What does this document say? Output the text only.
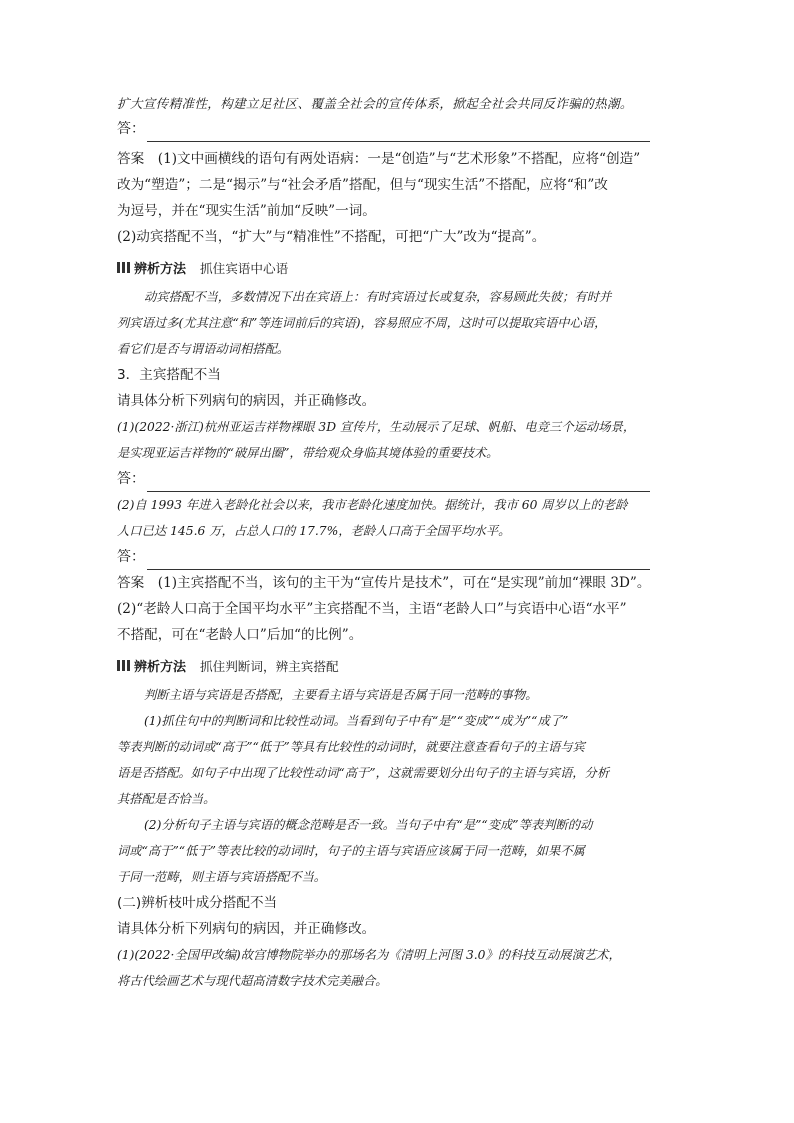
扩大宣传精准性，构建立足社区、覆盖全社会的宣传体系，掀起全社会共同反诈骗的热潮。
答：
答案　(1)文中画横线的语句有两处语病：一是“创造”与“艺术形象”不搭配，应将“创造”
改为“塑造”；二是“揭示”与“社会矛盾”搭配，但与“现实生活”不搭配，应将“和”改
为逗号，并在“现实生活”前加“反映”一词。
(2)动宾搭配不当，“扩大”与“精准性”不搭配，可把“广大”改为“提高”。
辨析方法 抓住宾语中心语
动宾搭配不当，多数情况下出在宾语上：有时宾语过长或复杂，容易顾此失彼；有时并
列宾语过多(尤其注意“和”等连词前后的宾语)，容易照应不周，这时可以提取宾语中心语，
看它们是否与谓语动词相搭配。
3．主宾搭配不当
请具体分析下列病句的病因，并正确修改。
(1)(2022·浙江)杭州亚运吉祥物裸眼 3D 宣传片，生动展示了足球、帆船、电竞三个运动场景，
是实现亚运吉祥物的“破屏出圈”，带给观众身临其境体验的重要技术。
答：
(2)自 1993 年进入老龄化社会以来，我市老龄化速度加快。据统计，我市 60 周岁以上的老龄
人口已达 145.6 万，占总人口的 17.7%，老龄人口高于全国平均水平。
答：
答案　(1)主宾搭配不当，该句的主干为“宣传片是技术”，可在“是实现”前加“裸眼 3D”。
(2)“老龄人口高于全国平均水平”主宾搭配不当，主语“老龄人口”与宾语中心语“水平”
不搭配，可在“老龄人口”后加“的比例”。
辨析方法 抓住判断词，辨主宾搭配
判断主语与宾语是否搭配，主要看主语与宾语是否属于同一范畴的事物。
(1)抓住句中的判断词和比较性动词。当看到句子中有“是”“变成”“成为”“成了”
等表判断的动词或“高于”“低于”等具有比较性的动词时，就要注意查看句子的主语与宾
语是否搭配。如句子中出现了比较性动词“高于”，这就需要划分出句子的主语与宾语，分析
其搭配是否恰当。
(2)分析句子主语与宾语的概念范畴是否一致。当句子中有“是”“变成”等表判断的动
词或“高于”“低于”等表比较的动词时，句子的主语与宾语应该属于同一范畴，如果不属
于同一范畴，则主语与宾语搭配不当。
(二)辨析枝叶成分搭配不当
请具体分析下列病句的病因，并正确修改。
(1)(2022·全国甲改编)故宫博物院举办的那场名为《清明上河图 3.0》的科技互动展演艺术，
将古代绘画艺术与现代超高清数字技术完美融合。
